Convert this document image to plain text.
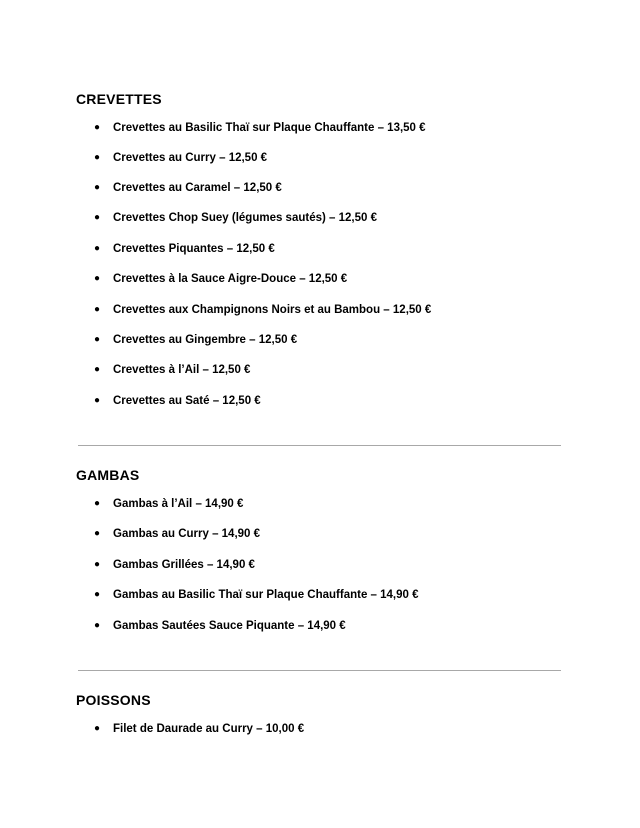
CREVETTES
● Crevettes au Basilic Thaï sur Plaque Chauffante – 13,50 €
● Crevettes au Curry – 12,50 €
● Crevettes au Caramel – 12,50 €
● Crevettes Chop Suey (légumes sautés) – 12,50 €
● Crevettes Piquantes – 12,50 €
● Crevettes à la Sauce Aigre-Douce – 12,50 €
● Crevettes aux Champignons Noirs et au Bambou – 12,50 €
● Crevettes au Gingembre – 12,50 €
● Crevettes à l’Ail – 12,50 €
● Crevettes au Saté – 12,50 €
GAMBAS
● Gambas à l’Ail – 14,90 €
● Gambas au Curry – 14,90 €
● Gambas Grillées – 14,90 €
● Gambas au Basilic Thaï sur Plaque Chauffante – 14,90 €
● Gambas Sautées Sauce Piquante – 14,90 €
POISSONS
● Filet de Daurade au Curry – 10,00 €
